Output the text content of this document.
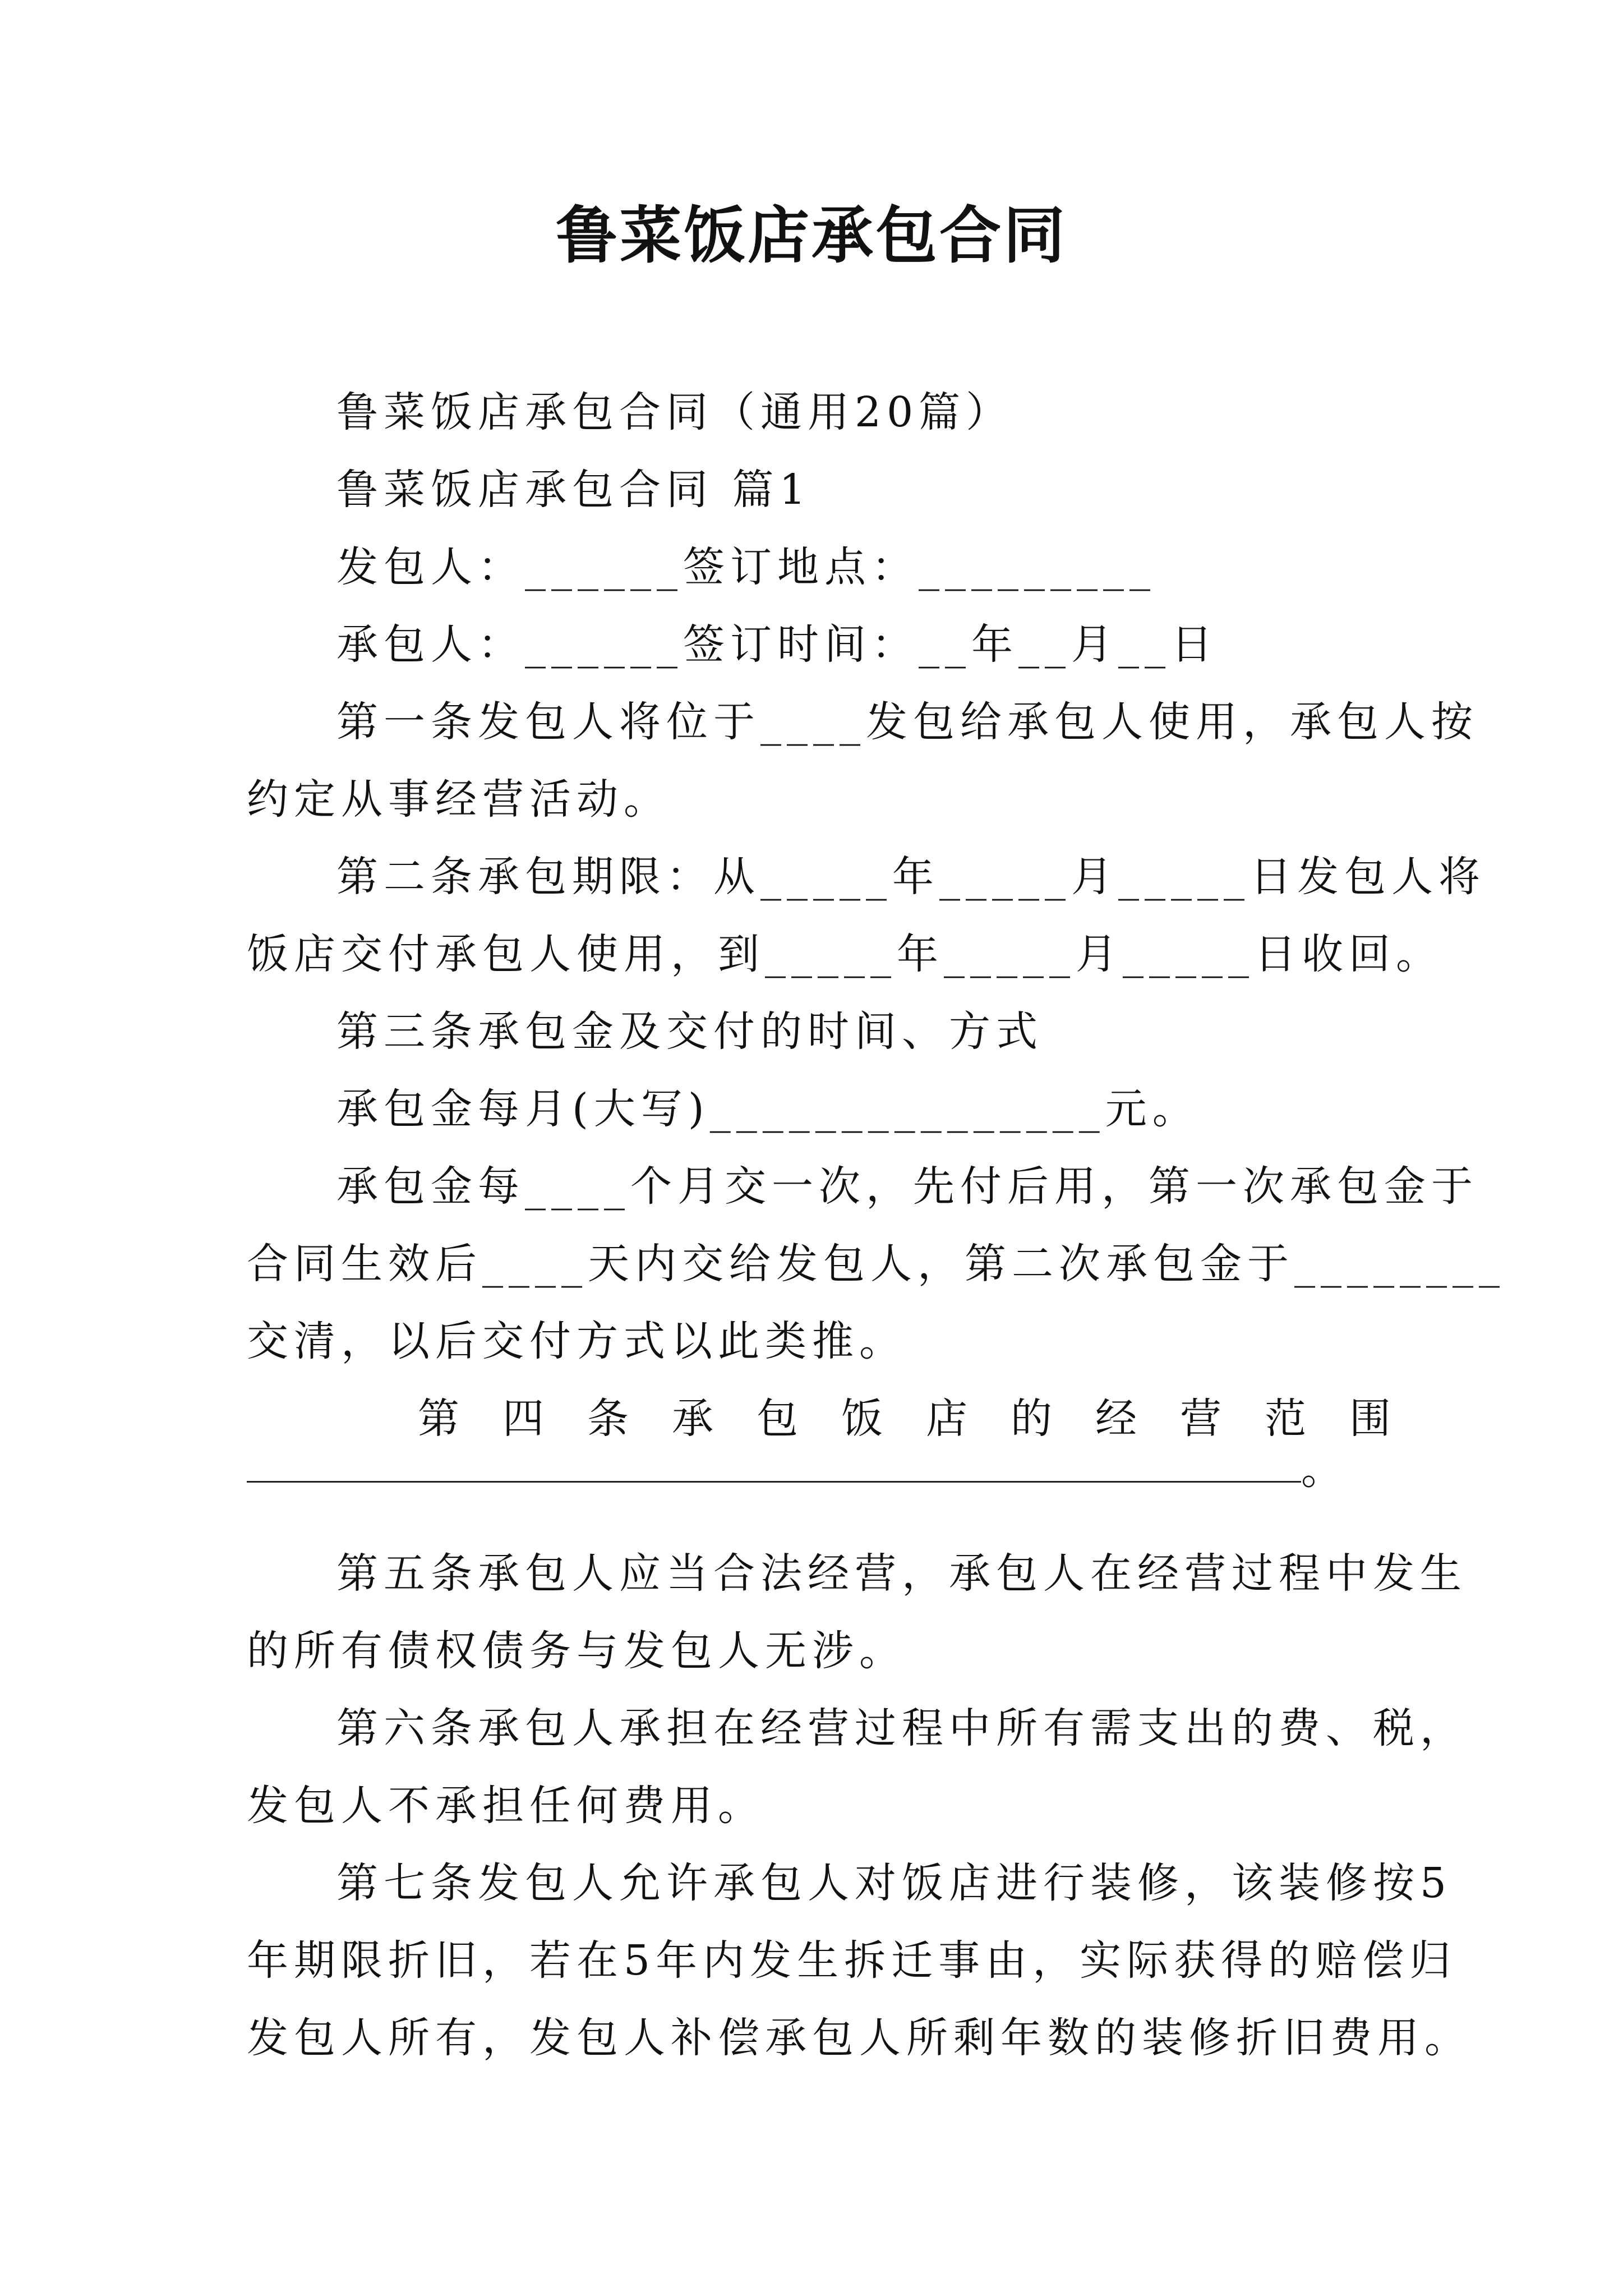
鲁菜饭店承包合同
鲁菜饭店承包合同（通用20篇）
鲁菜饭店承包合同 篇1
发包人：______签订地点：_________
承包人：______签订时间：__年__月__日
第一条发包人将位于____发包给承包人使用，承包人按
约定从事经营活动。
第二条承包期限：从_____年_____月_____日发包人将
饭店交付承包人使用，到_____年_____月_____日收回。
第三条承包金及交付的时间、方式
承包金每月(大写)_______________元。
承包金每____个月交一次，先付后用，第一次承包金于
合同生效后____天内交给发包人，第二次承包金于________
交清，以后交付方式以此类推。
第 四 条 承 包 饭 店 的 经 营 范 围
。
第五条承包人应当合法经营，承包人在经营过程中发生
的所有债权债务与发包人无涉。
第六条承包人承担在经营过程中所有需支出的费、税，
发包人不承担任何费用。
第七条发包人允许承包人对饭店进行装修，该装修按5
年期限折旧，若在5年内发生拆迁事由，实际获得的赔偿归
发包人所有，发包人补偿承包人所剩年数的装修折旧费用。
